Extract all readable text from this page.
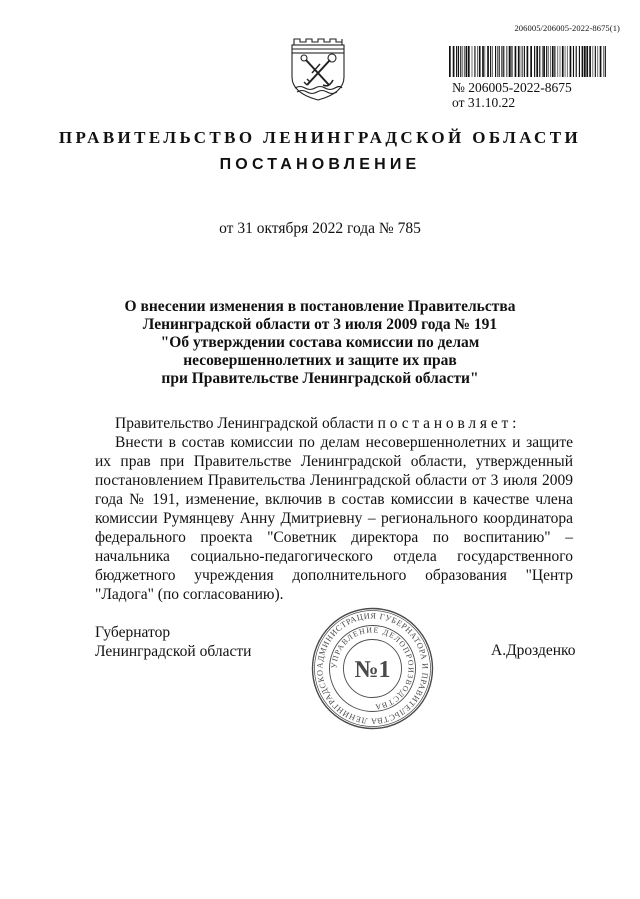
206005/206005-2022-8675(1)
№ 206005-2022-8675
от 31.10.22
ПРАВИТЕЛЬСТВО ЛЕНИНГРАДСКОЙ ОБЛАСТИ
ПОСТАНОВЛЕНИЕ
от 31 октября 2022 года № 785
О внесении изменения в постановление Правительства
Ленинградской области от 3 июля 2009 года № 191
"Об утверждении состава комиссии по делам
несовершеннолетних и защите их прав
при Правительстве Ленинградской области"

Правительство Ленинградской области постановляет:

Внести в состав комиссии по делам несовершеннолетних и защите их прав при Правительстве Ленинградской области, утвержденный постановлением Правительства Ленинградской области от 3 июля 2009 года № 191, изменение, включив в состав комиссии в качестве члена комиссии Румянцеву Анну Дмитриевну – регионального координатора федерального проекта "Советник директора по воспитанию" – начальника социально-педагогического отдела государственного бюджетного учреждения дополнительного образования "Центр "Ладога" (по согласованию).

Губернатор
Ленинградской области
АДМИНИСТРАЦИЯ ГУБЕРНАТОРА И ПРАВИТЕЛЬСТВА ЛЕНИНГРАДСКО
УПРАВЛЕНИЕ ДЕЛОПРОИЗВОДСТВА
№1
А.Дрозденко
